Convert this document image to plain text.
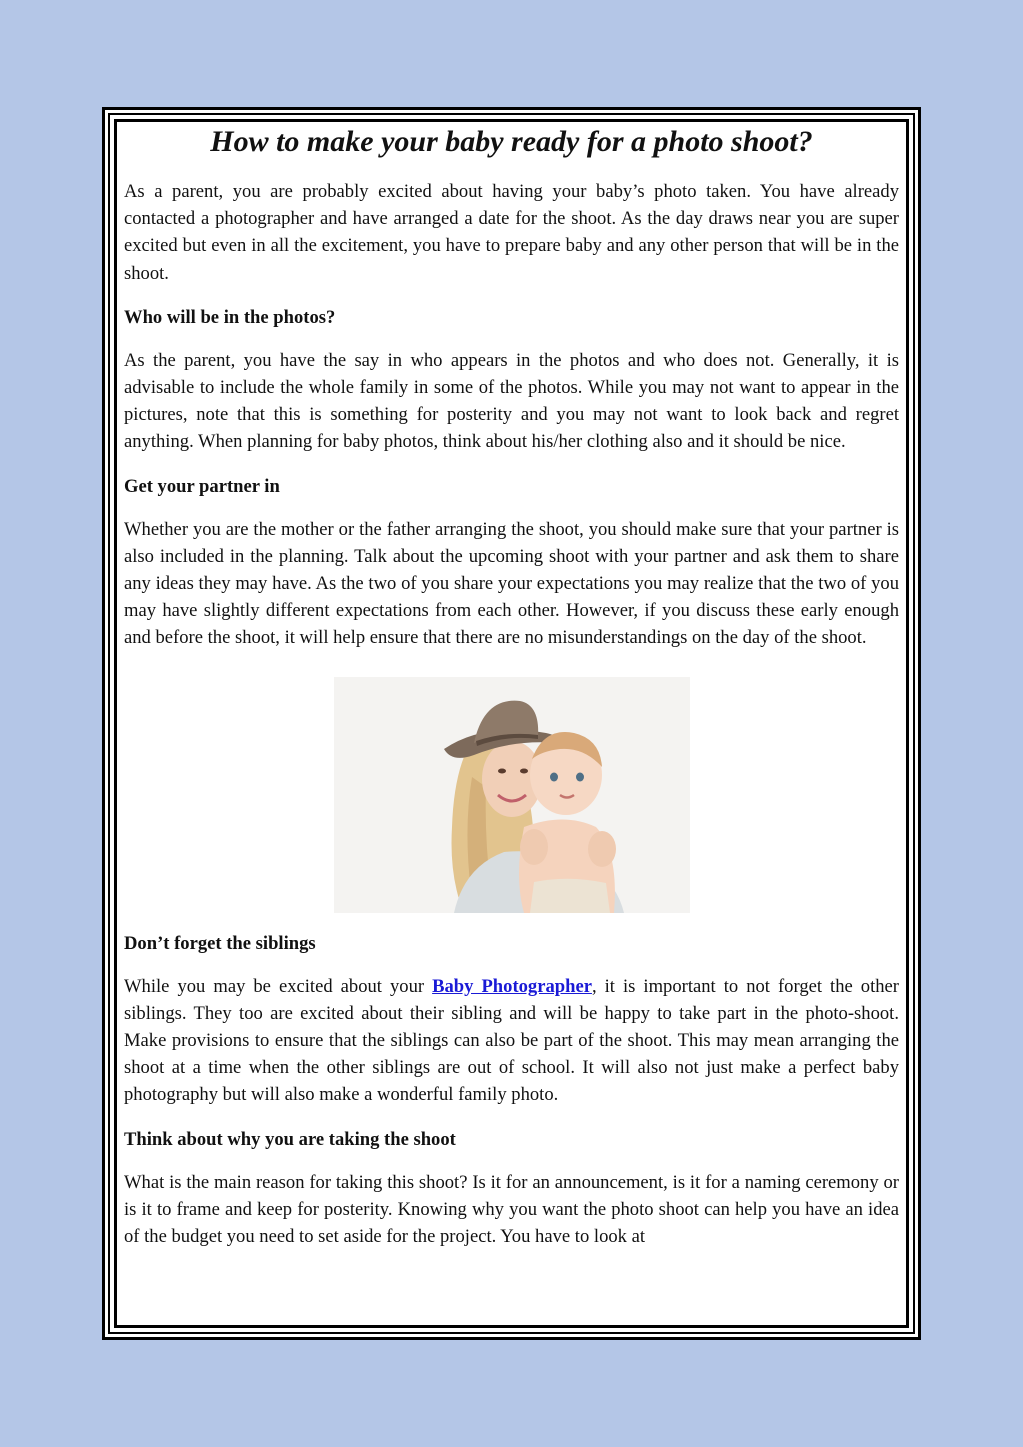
How to make your baby ready for a photo shoot?

As a parent, you are probably excited about having your baby’s photo taken. You have already contacted a photographer and have arranged a date for the shoot. As the day draws near you are super excited but even in all the excitement, you have to prepare baby and any other person that will be in the shoot.

Who will be in the photos?

As the parent, you have the say in who appears in the photos and who does not. Generally, it is advisable to include the whole family in some of the photos. While you may not want to appear in the pictures, note that this is something for posterity and you may not want to look back and regret anything. When planning for baby photos, think about his/her clothing also and it should be nice.

Get your partner in

Whether you are the mother or the father arranging the shoot, you should make sure that your partner is also included in the planning. Talk about the upcoming shoot with your partner and ask them to share any ideas they may have. As the two of you share your expectations you may realize that the two of you may have slightly different expectations from each other. However, if you discuss these early enough and before the shoot, it will help ensure that there are no misunderstandings on the day of the shoot.

Don’t forget the siblings

While you may be excited about your Baby Photographer, it is important to not forget the other siblings. They too are excited about their sibling and will be happy to take part in the photo-shoot. Make provisions to ensure that the siblings can also be part of the shoot. This may mean arranging the shoot at a time when the other siblings are out of school. It will also not just make a perfect baby photography but will also make a wonderful family photo.

Think about why you are taking the shoot

What is the main reason for taking this shoot? Is it for an announcement, is it for a naming ceremony or is it to frame and keep for posterity. Knowing why you want the photo shoot can help you have an idea of the budget you need to set aside for the project. You have to look at
